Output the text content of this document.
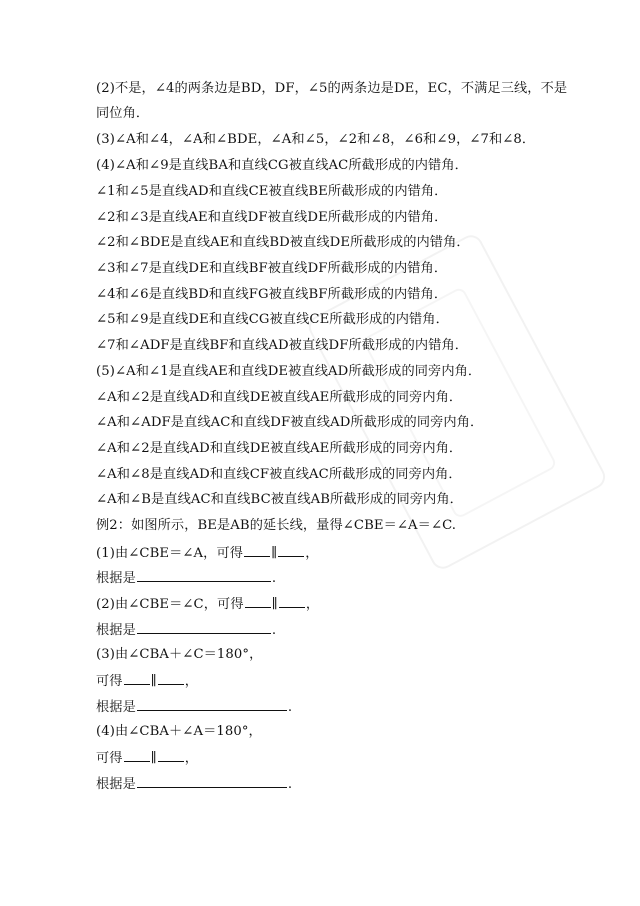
(2)不是，∠4的两条边是BD，DF，∠5的两条边是DE，EC，不满足三线，不是
同位角．
(3)∠A和∠4，∠A和∠BDE，∠A和∠5，∠2和∠8，∠6和∠9，∠7和∠8．
(4)∠A和∠9是直线BA和直线CG被直线AC所截形成的内错角．
∠1和∠5是直线AD和直线CE被直线BE所截形成的内错角．
∠2和∠3是直线AE和直线DF被直线DE所截形成的内错角．
∠2和∠BDE是直线AE和直线BD被直线DE所截形成的内错角．
∠3和∠7是直线DE和直线BF被直线DF所截形成的内错角．
∠4和∠6是直线BD和直线FG被直线BF所截形成的内错角．
∠5和∠9是直线DE和直线CG被直线CE所截形成的内错角．
∠7和∠ADF是直线BF和直线AD被直线DF所截形成的内错角．
(5)∠A和∠1是直线AE和直线DE被直线AD所截形成的同旁内角．
∠A和∠2是直线AD和直线DE被直线AE所截形成的同旁内角．
∠A和∠ADF是直线AC和直线DF被直线AD所截形成的同旁内角．
∠A和∠2是直线AD和直线DE被直线AE所截形成的同旁内角．
∠A和∠8是直线AD和直线CF被直线AC所截形成的同旁内角．
∠A和∠B是直线AC和直线BC被直线AB所截形成的同旁内角．
例2：如图所示，BE是AB的延长线，量得∠CBE＝∠A＝∠C.
(1)由∠CBE＝∠A，可得 ∥ ，
根据是	.
(2)由∠CBE＝∠C，可得 ∥ ，
根据是	.
(3)由∠CBA＋∠C＝180°，
可得 ∥ ，
根据是	.
(4)由∠CBA＋∠A＝180°，
可得 ∥ ，
根据是	.
